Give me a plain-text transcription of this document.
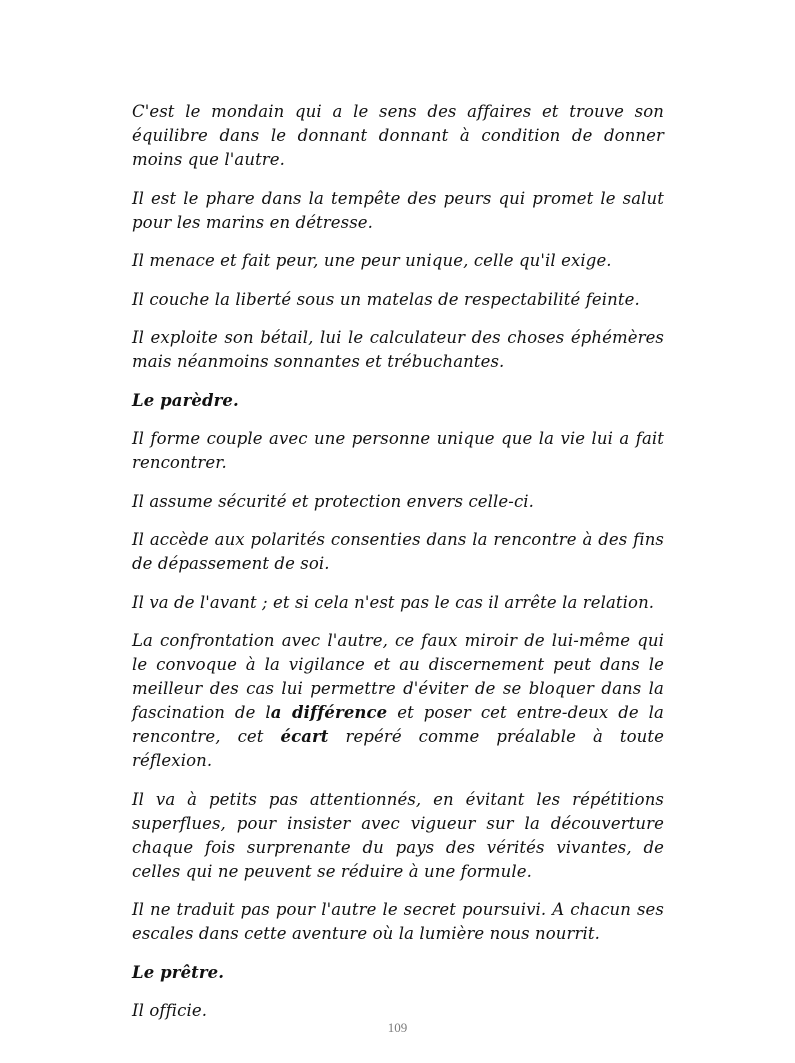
C'est le mondain qui a le sens des affaires et trouve son équilibre dans le donnant donnant à condition de donner moins que l'autre.

Il est le phare dans la tempête des peurs qui promet le salut pour les marins en détresse.

Il menace et fait peur, une peur unique, celle qu'il exige.

Il couche la liberté sous un matelas de respectabilité feinte.

Il exploite son bétail, lui le calculateur des choses éphémères mais néanmoins sonnantes et trébuchantes.

Le parèdre.

Il forme couple avec une personne unique que la vie lui a fait rencontrer.

Il assume sécurité et protection envers celle-ci.

Il accède aux polarités consenties dans la rencontre à des fins de dépassement de soi.

Il va de l'avant ; et si cela n'est pas le cas il arrête la relation.

La confrontation avec l'autre, ce faux miroir de lui-même qui le convoque à la vigilance et au discernement peut dans le meilleur des cas lui permettre d'éviter de se bloquer dans la fascination de la différence et poser cet entre-deux de la rencontre, cet écart repéré comme préalable à toute réflexion.

Il va à petits pas attentionnés, en évitant les répétitions superflues, pour insister avec vigueur sur la découverture chaque fois surprenante du pays des vérités vivantes, de celles qui ne peuvent se réduire à une formule.

Il ne traduit pas pour l'autre le secret poursuivi. A chacun ses escales dans cette aventure où la lumière nous nourrit.

Le prêtre.

Il officie.

109
